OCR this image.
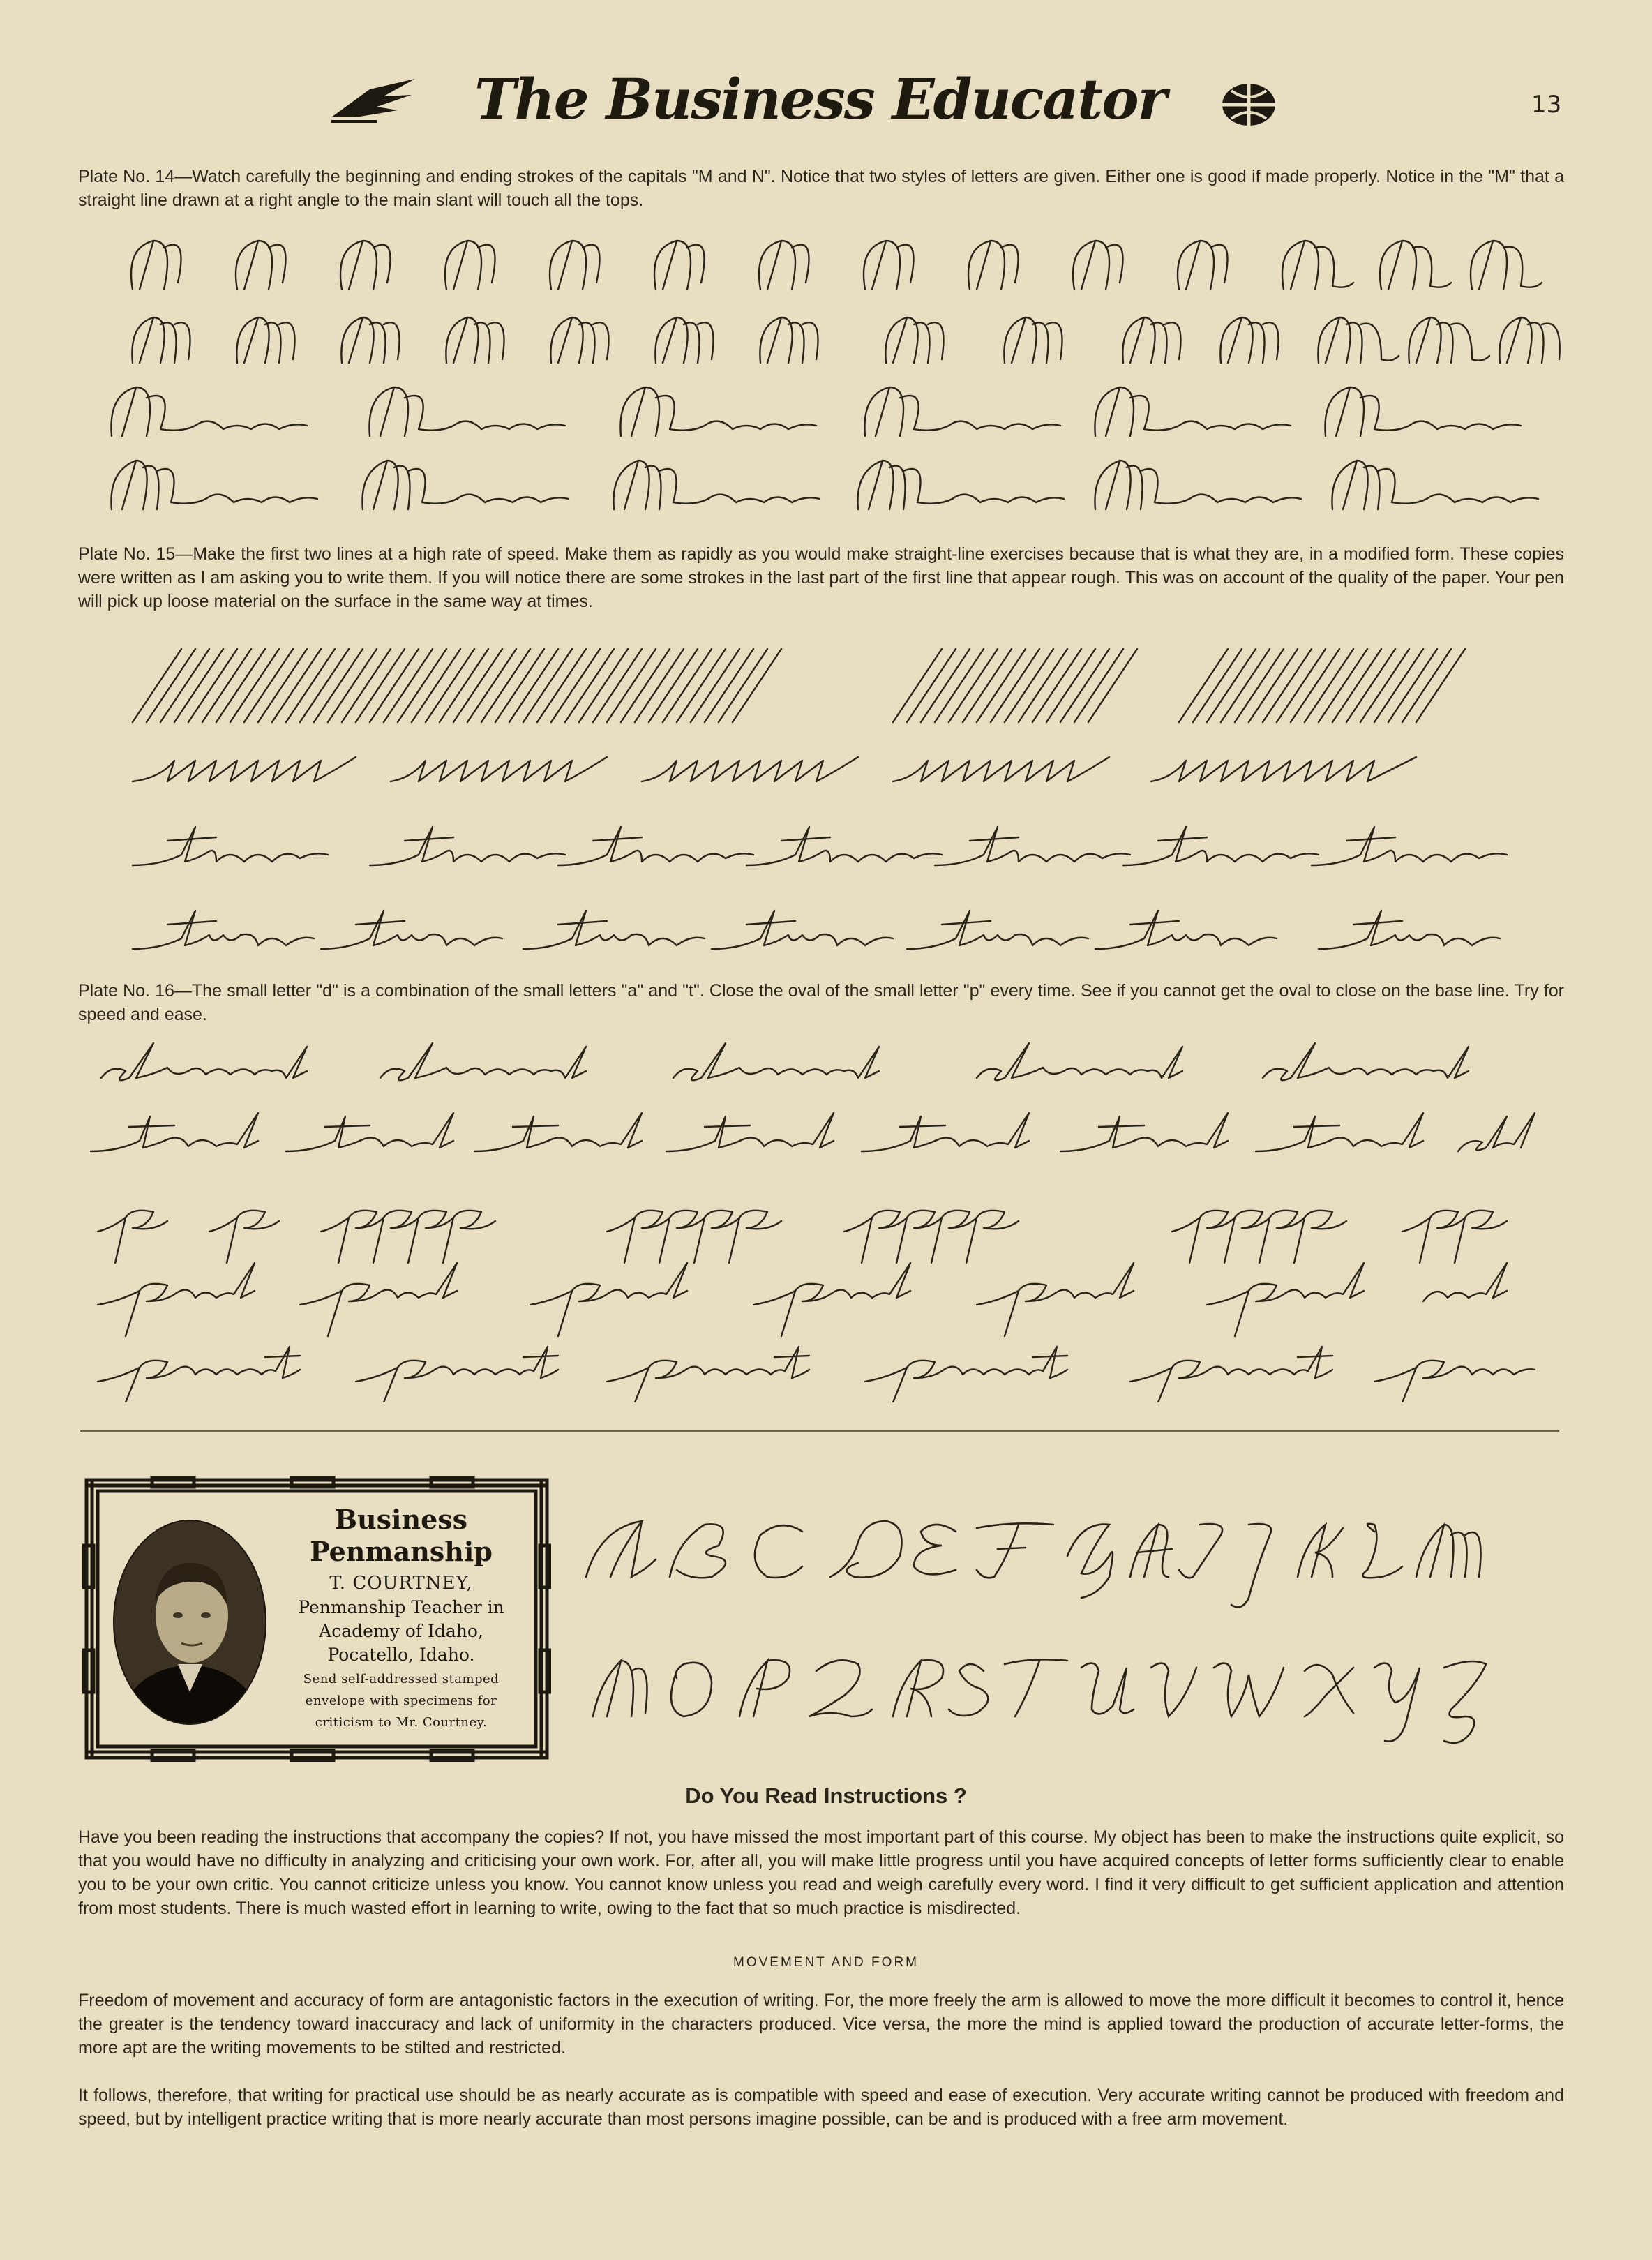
The Business Educator	13
Plate No. 14—Watch carefully the beginning and ending strokes of the capitals "M and N". Notice that two styles of letters are given. Either one is good if made properly. Notice in the "M" that a straight line drawn at a right angle to the main slant will touch all the tops.
Plate No. 15—Make the first two lines at a high rate of speed. Make them as rapidly as you would make straight-line exercises because that is what they are, in a modified form. These copies were written as I am asking you to write them. If you will notice there are some strokes in the last part of the first line that appear rough. This was on account of the quality of the paper. Your pen will pick up loose material on the surface in the same way at times.
Plate No. 16—The small letter "d" is a combination of the small letters "a" and "t". Close the oval of the small letter "p" every time. See if you cannot get the oval to close on the base line. Try for speed and ease.
Business
Penmanship
T. COURTNEY,
Penmanship Teacher in
Academy of Idaho,
Pocatello, Idaho.
Send self-addressed stamped
envelope with specimens for
criticism to Mr. Courtney.
Do You Read Instructions ?
Have you been reading the instructions that accompany the copies? If not, you have missed the most important part of this course. My object has been to make the instructions quite explicit, so that you would have no difficulty in analyzing and criticising your own work. For, after all, you will make little progress until you have acquired concepts of letter forms sufficiently clear to enable you to be your own critic. You cannot criticize unless you know. You cannot know unless you read and weigh carefully every word. I find it very difficult to get sufficient application and attention from most students. There is much wasted effort in learning to write, owing to the fact that so much practice is misdirected.
MOVEMENT AND FORM
Freedom of movement and accuracy of form are antagonistic factors in the execution of writing. For, the more freely the arm is allowed to move the more difficult it becomes to control it, hence the greater is the tendency toward inaccuracy and lack of uniformity in the characters produced. Vice versa, the more the mind is applied toward the production of accurate letter-forms, the more apt are the writing movements to be stilted and restricted.
It follows, therefore, that writing for practical use should be as nearly accurate as is compatible with speed and ease of execution. Very accurate writing cannot be produced with freedom and speed, but by intelligent practice writing that is more nearly accurate than most persons imagine possible, can be and is produced with a free arm movement.
